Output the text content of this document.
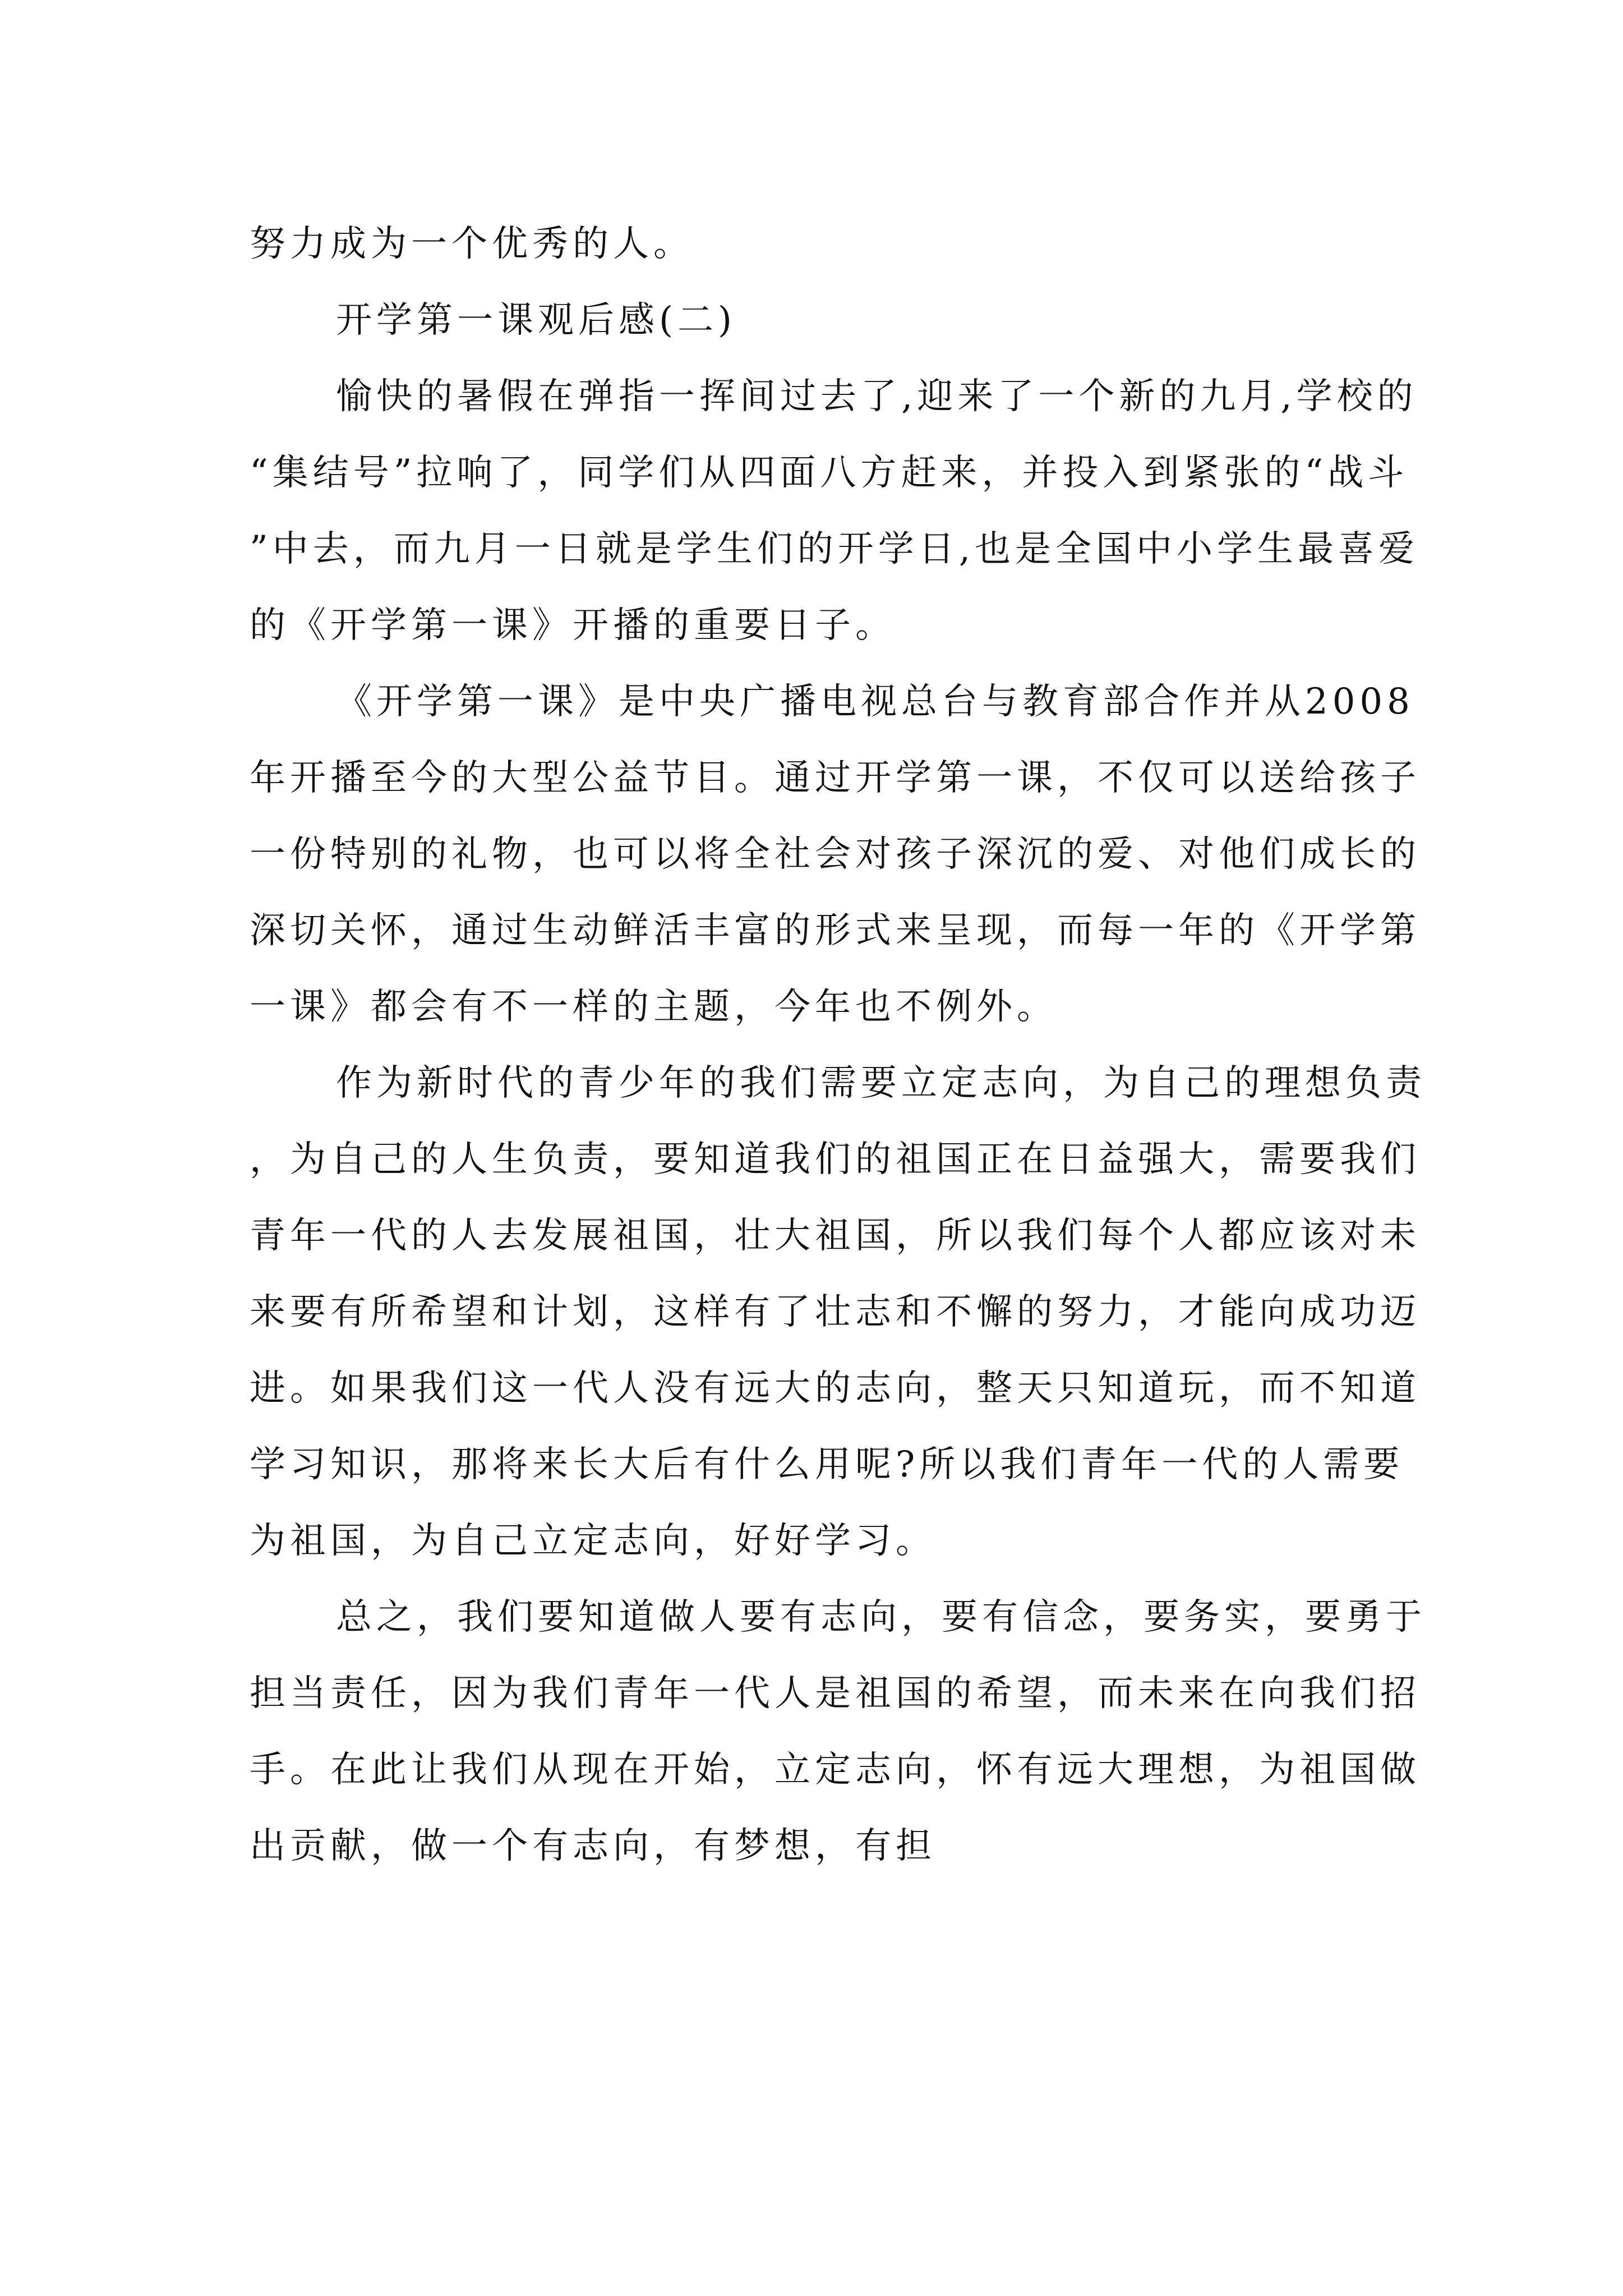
努力成为一个优秀的人。

开学第一课观后感(二)

愉快的暑假在弹指一挥间过去了,迎来了一个新的九月,学校的“集结号”拉响了，同学们从四面八方赶来，并投入到紧张的“战斗”中去，而九月一日就是学生们的开学日,也是全国中小学生最喜爱的《开学第一课》开播的重要日子。

《开学第一课》是中央广播电视总台与教育部合作并从2008年开播至今的大型公益节目。通过开学第一课，不仅可以送给孩子一份特别的礼物，也可以将全社会对孩子深沉的爱、对他们成长的深切关怀，通过生动鲜活丰富的形式来呈现，而每一年的《开学第一课》都会有不一样的主题，今年也不例外。

作为新时代的青少年的我们需要立定志向，为自己的理想负责，为自己的人生负责，要知道我们的祖国正在日益强大，需要我们青年一代的人去发展祖国，壮大祖国，所以我们每个人都应该对未来要有所希望和计划，这样有了壮志和不懈的努力，才能向成功迈进。如果我们这一代人没有远大的志向，整天只知道玩，而不知道学习知识，那将来长大后有什么用呢?所以我们青年一代的人需要为祖国，为自己立定志向，好好学习。

总之，我们要知道做人要有志向，要有信念，要务实，要勇于担当责任，因为我们青年一代人是祖国的希望，而未来在向我们招手。在此让我们从现在开始，立定志向，怀有远大理想，为祖国做出贡献，做一个有志向，有梦想，有担
